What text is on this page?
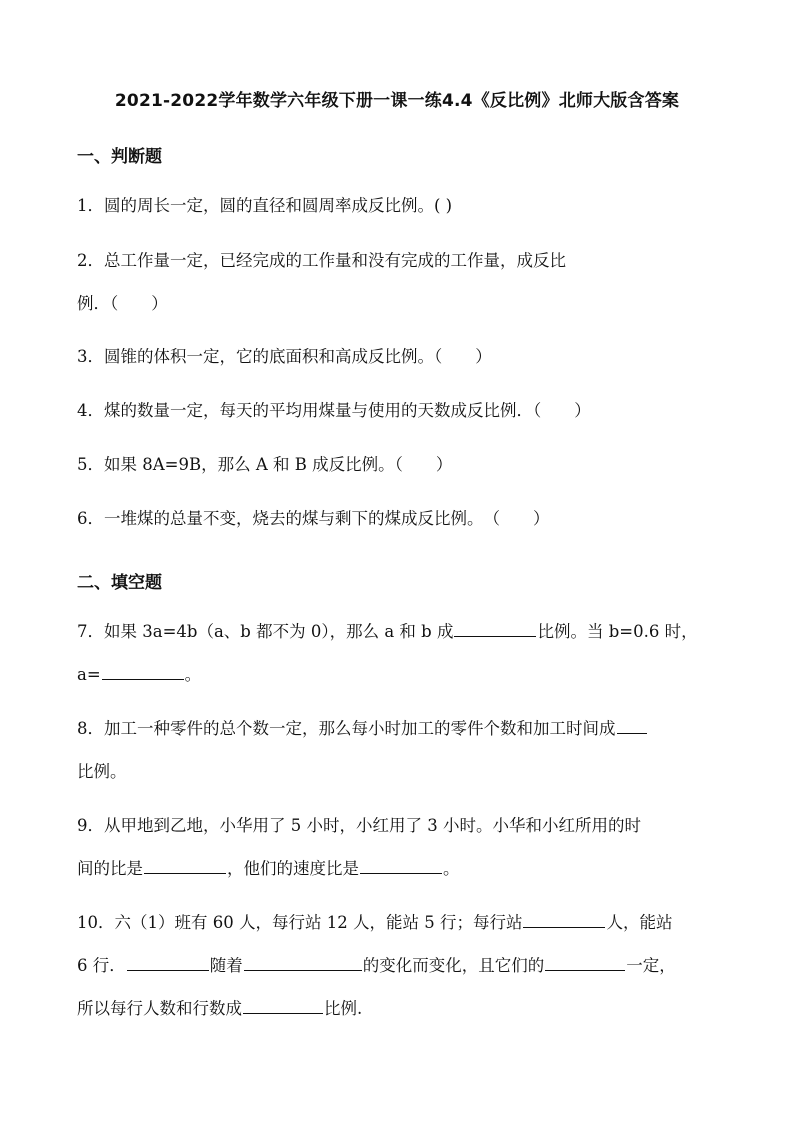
2021-2022学年数学六年级下册一课一练4.4《反比例》北师大版含答案
一、判断题
1．圆的周长一定，圆的直径和圆周率成反比例。( )
2．总工作量一定，已经完成的工作量和没有完成的工作量，成反比
例．（　　）
3．圆锥的体积一定，它的底面积和高成反比例。（　　）
4．煤的数量一定，每天的平均用煤量与使用的天数成反比例．（　　）
5．如果 8A=9B，那么 A 和 B 成反比例。（　　）
6．一堆煤的总量不变，烧去的煤与剩下的煤成反比例。　（　　）
二、填空题
7．如果 3a=4b（a、b 都不为 0），那么 a 和 b 成	比例。当 b=0.6 时，
a=	。
8．加工一种零件的总个数一定，那么每小时加工的零件个数和加工时间成
比例。
9．从甲地到乙地，小华用了 5 小时，小红用了 3 小时。小华和小红所用的时
间的比是	，他们的速度比是	。
10．六（1）班有 60 人，每行站 12 人，能站 5 行；每行站	人，能站
6 行．	随着	的变化而变化，且它们的	一定，
所以每行人数和行数成	比例.
